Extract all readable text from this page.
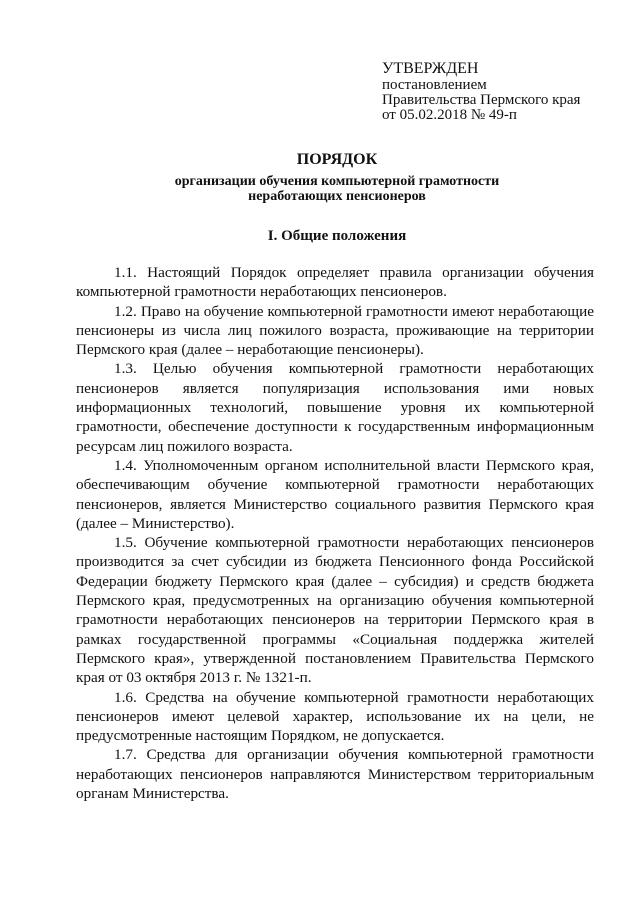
УТВЕРЖДЕН
постановлением
Правительства Пермского края
от 05.02.2018 № 49-п
ПОРЯДОК
организации обучения компьютерной грамотности
неработающих пенсионеров
I. Общие положения

1.1. Настоящий Порядок определяет правила организации обучения компьютерной грамотности неработающих пенсионеров.

1.2. Право на обучение компьютерной грамотности имеют неработающие пенсионеры из числа лиц пожилого возраста, проживающие на территории Пермского края (далее – неработающие пенсионеры).

1.3. Целью обучения компьютерной грамотности неработающих пенсионеров является популяризация использования ими новых информационных технологий, повышение уровня их компьютерной грамотности, обеспечение доступности к государственным информационным ресурсам лиц пожилого возраста.

1.4. Уполномоченным органом исполнительной власти Пермского края, обеспечивающим обучение компьютерной грамотности неработающих пенсионеров, является Министерство социального развития Пермского края (далее – Министерство).

1.5. Обучение компьютерной грамотности неработающих пенсионеров производится за счет субсидии из бюджета Пенсионного фонда Российской Федерации бюджету Пермского края (далее – субсидия) и средств бюджета Пермского края, предусмотренных на организацию обучения компьютерной грамотности неработающих пенсионеров на территории Пермского края в рамках государственной программы «Социальная поддержка жителей Пермского края», утвержденной постановлением Правительства Пермского края от 03 октября 2013 г. № 1321-п.

1.6. Средства на обучение компьютерной грамотности неработающих пенсионеров имеют целевой характер, использование их на цели, не предусмотренные настоящим Порядком, не допускается.

1.7. Средства для организации обучения компьютерной грамотности неработающих пенсионеров направляются Министерством территориальным органам Министерства.
